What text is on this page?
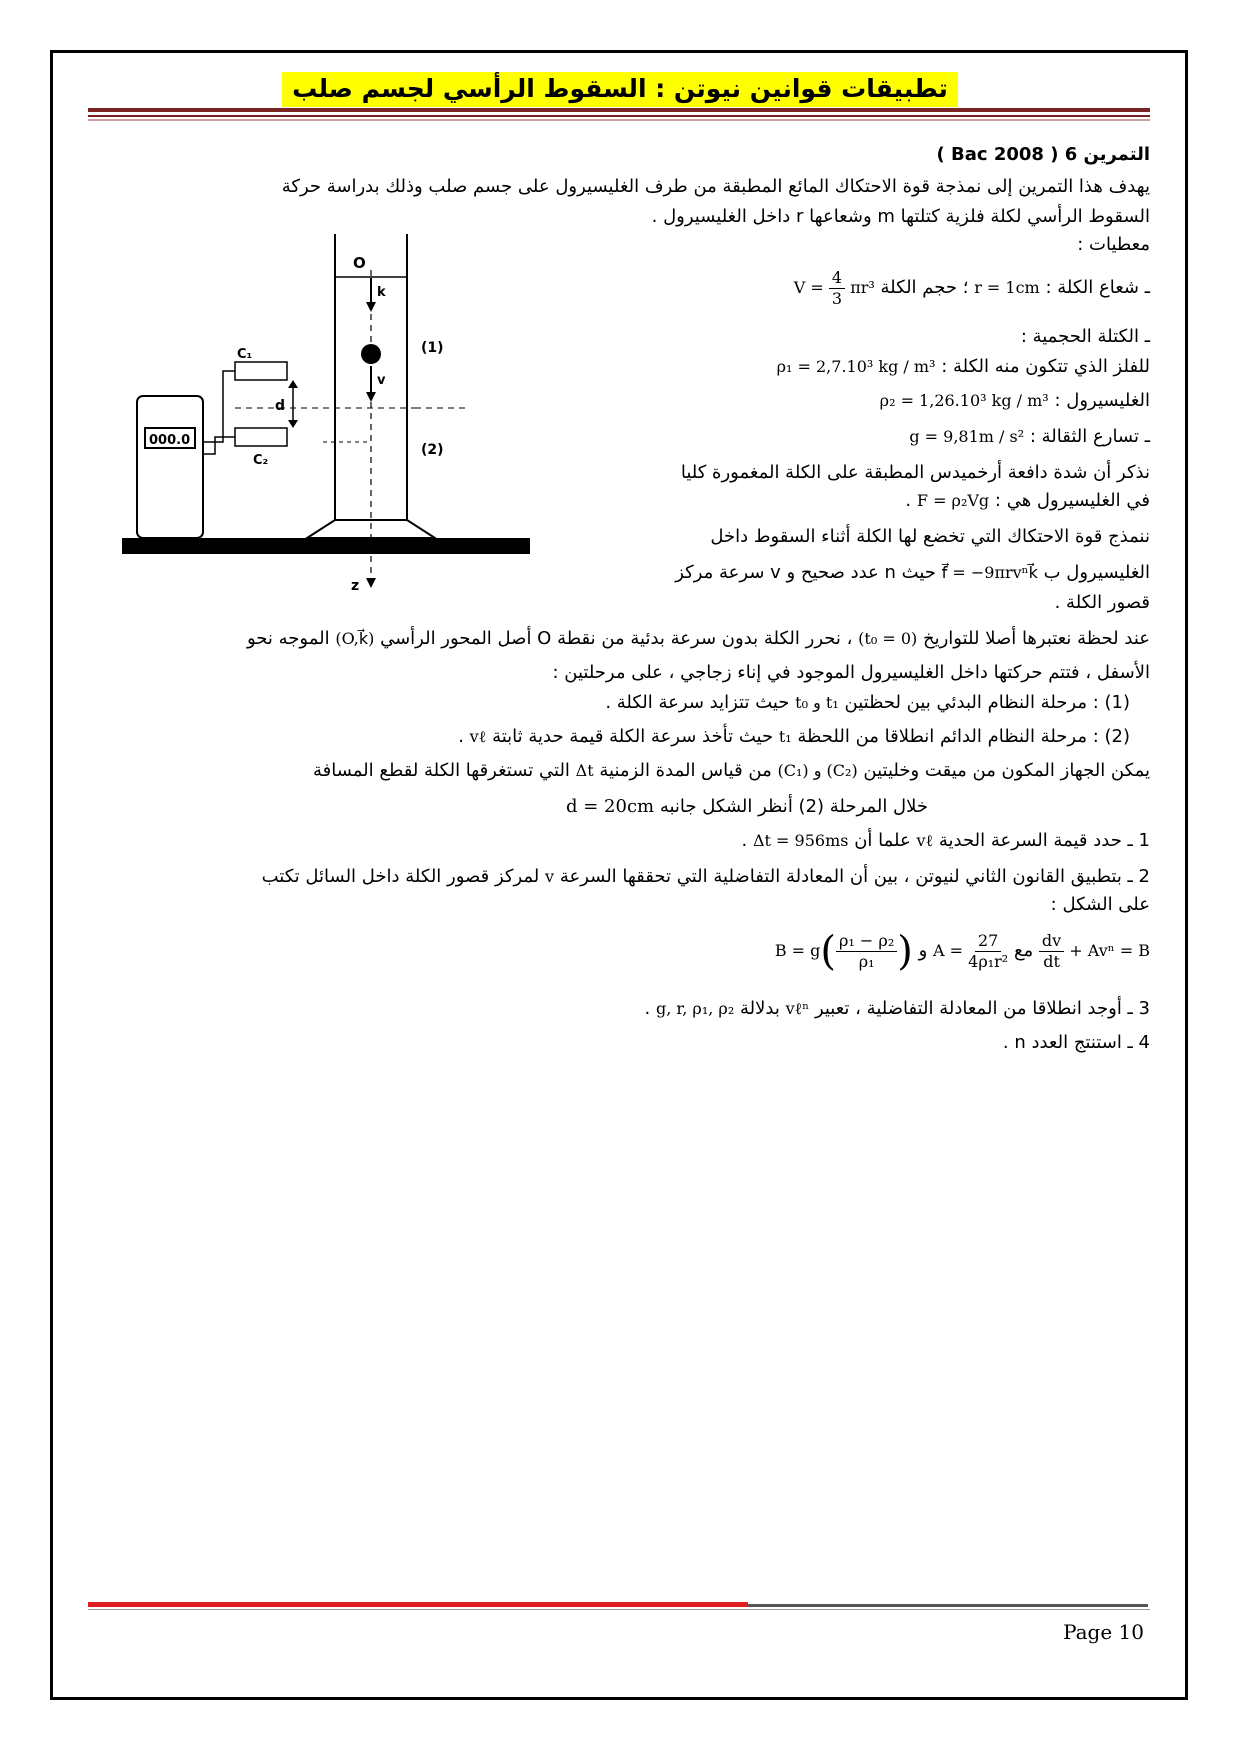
تطبيقات قوانين نيوتن : السقوط الرأسي لجسم صلب
التمرين 6 ( Bac 2008 )
يهدف هذا التمرين إلى نمذجة قوة الاحتكاك المائع المطبقة من طرف الغليسيرول على جسم صلب وذلك بدراسة حركة
السقوط الرأسي لكلة فلزية كتلتها m وشعاعها r داخل الغليسيرول .
معطيات :
ـ شعاع الكلة : r = 1cm ؛ حجم الكلة $V = \frac{4}{3} \pi r^3$
ـ الكتلة الحجمية :
للفلز الذي تتكون منه الكلة : ρ₁ = 2,7.10³ kg / m³
الغليسيرول : ρ₂ = 1,26.10³ kg / m³
ـ تسارع الثقالة : g = 9,81m / s²
نذكر أن شدة دافعة أرخميدس المطبقة على الكلة المغمورة كليا
في الغليسيرول هي : F = ρ₂Vg .
ننمذج قوة الاحتكاك التي تخضع لها الكلة أثناء السقوط داخل
الغليسيرول ب f⃗ = −9πrvⁿk⃗ حيث n عدد صحيح و v سرعة مركز
قصور الكلة .
عند لحظة نعتبرها أصلا للتواريخ (t₀ = 0) ، نحرر الكلة بدون سرعة بدئية من نقطة O أصل المحور الرأسي (O,k⃗) الموجه نحو
الأسفل ، فتتم حركتها داخل الغليسيرول الموجود في إناء زجاجي ، على مرحلتين :
(1) : مرحلة النظام البدئي بين لحظتين t₀ و t₁ حيث تتزايد سرعة الكلة .
(2) : مرحلة النظام الدائم انطلاقا من اللحظة t₁ حيث تأخذ سرعة الكلة قيمة حدية ثابتة vℓ .
يمكن الجهاز المكون من ميقت وخليتين (C₁) و (C₂) من قياس المدة الزمنية Δt التي تستغرقها الكلة لقطع المسافة
خلال المرحلة (2) أنظر الشكل جانبه d = 20cm
1 ـ حدد قيمة السرعة الحدية vℓ علما أن Δt = 956ms .
2 ـ بتطبيق القانون الثاني لنيوتن ، بين أن المعادلة التفاضلية التي تحققها السرعة v لمركز قصور الكلة داخل السائل تكتب
على الشكل :
$\frac{dv}{dt} + Av^n = B$ مع $A = \frac{27}{\text{4ρ₁r²}}$
و $B = g( \frac{\text{ρ₁ − ρ₂}}{\text{ρ₁}}$ )
3 ـ أوجد انطلاقا من المعادلة التفاضلية ، تعبير vℓⁿ بدلالة g, r, ρ₁, ρ₂ .
4 ـ استنتج العدد n .
z
O
k
v
(1)
(2)
C₁
C₂
d
000.0
Page 10
